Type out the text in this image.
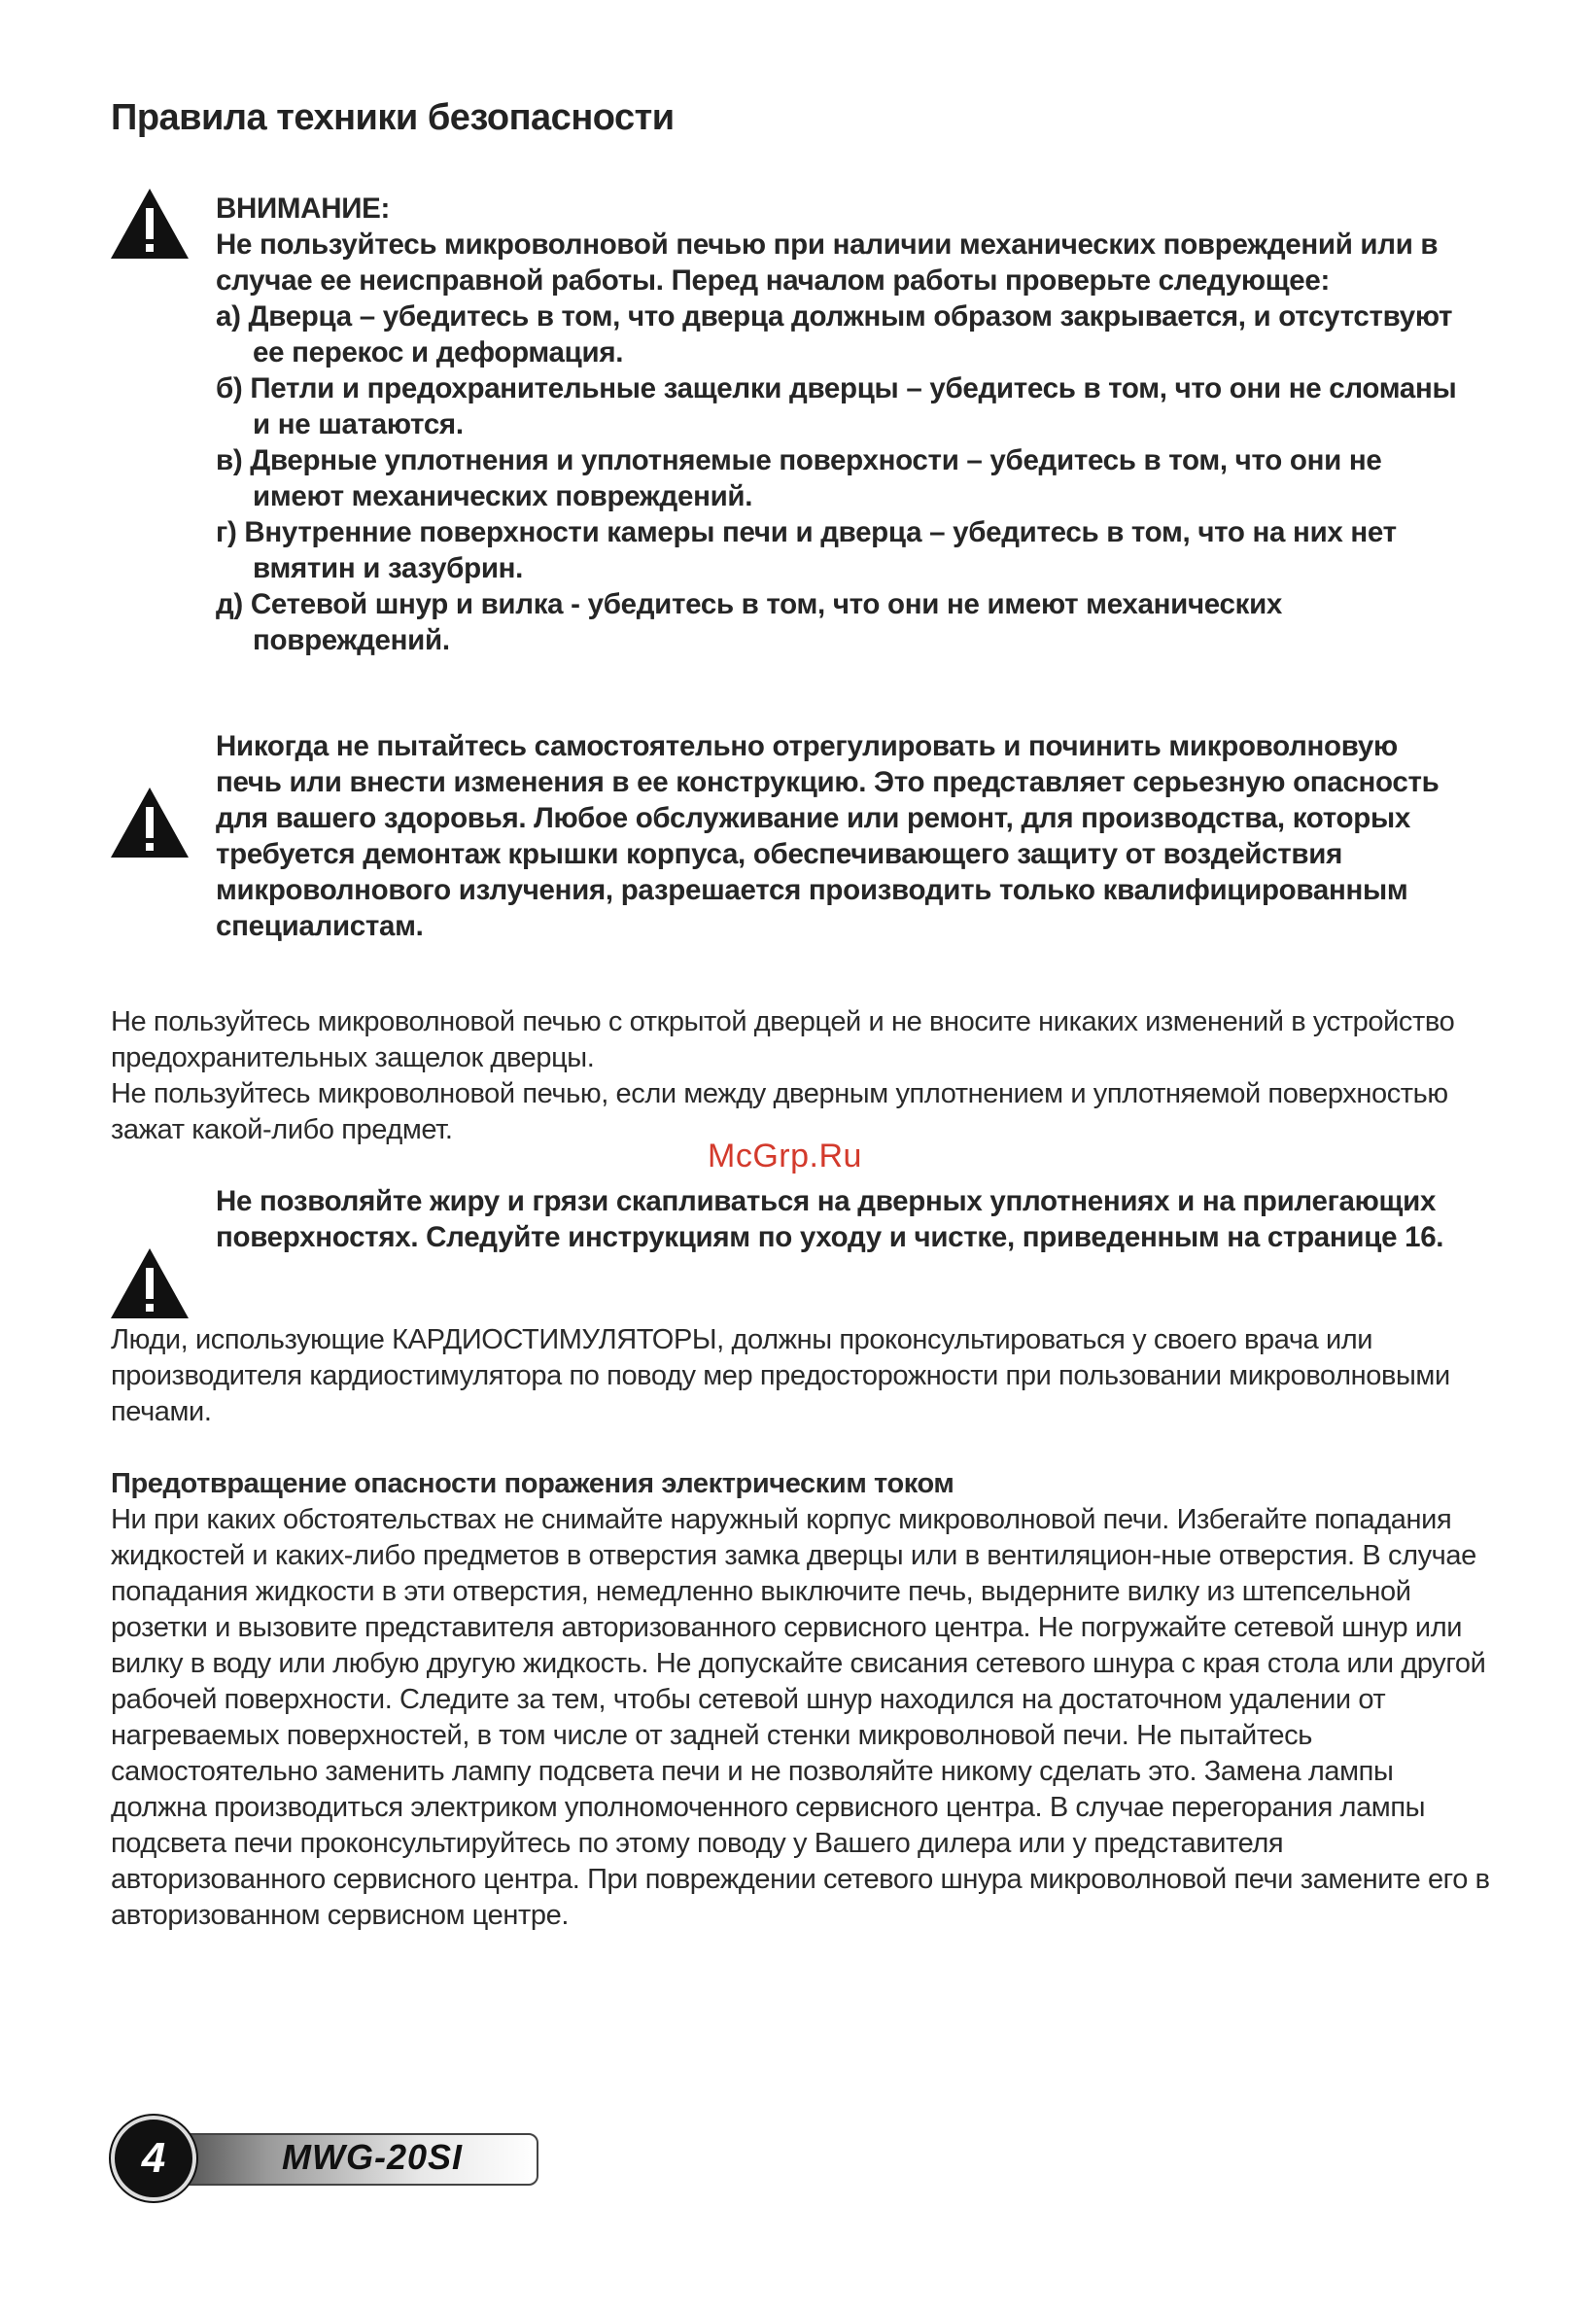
Правила техники безопасности

ВНИМАНИЕ:

Не пользуйтесь микроволновой печью при наличии механических повреждений или в случае ее неисправной работы. Перед началом работы проверьте следующее:

а) Дверца – убедитесь в том, что дверца должным образом закрывается, и отсутствуют ее перекос и деформация.

б) Петли и предохранительные защелки дверцы – убедитесь в том, что они не сломаны и не шатаются.

в) Дверные уплотнения и уплотняемые поверхности – убедитесь в том, что они не имеют механических повреждений.

г) Внутренние поверхности камеры печи и дверца – убедитесь в том, что на них нет вмятин и зазубрин.

д) Сетевой шнур и вилка - убедитесь в том, что они не имеют механических повреждений.

Никогда не пытайтесь самостоятельно отрегулировать и починить микроволновую печь или внести изменения в ее конструкцию. Это представляет серьезную опасность для вашего здоровья. Любое обслуживание или ремонт, для производства, которых требуется демонтаж крышки корпуса, обеспечивающего защиту от воздействия микроволнового излучения, разрешается производить только квалифицированным специалистам.

Не пользуйтесь микроволновой печью с открытой дверцей и не вносите никаких изменений в устройство предохранительных защелок дверцы.

Не пользуйтесь микроволновой печью, если между дверным уплотнением и уплотняемой поверхностью зажат какой-либо предмет.

McGrp.Ru

Не позволяйте жиру и грязи скапливаться на дверных уплотнениях и на прилегающих поверхностях. Следуйте инструкциям по уходу и чистке, приведенным на странице 16.

Люди, использующие КАРДИОСТИМУЛЯТОРЫ, должны проконсультироваться у своего врача или производителя кардиостимулятора по поводу мер предосторожности при пользовании микроволновыми печами.

Предотвращение опасности поражения электрическим током

Ни при каких обстоятельствах не снимайте наружный корпус микроволновой печи. Избегайте попадания жидкостей и каких-либо предметов в отверстия замка дверцы или в вентиляцион-ные отверстия. В случае попадания жидкости в эти отверстия, немедленно выключите печь, выдерните вилку из штепсельной розетки и вызовите представителя авторизованного сервисного центра. Не погружайте сетевой шнур или вилку в воду или любую другую жидкость. Не допускайте свисания сетевого шнура с края стола или другой рабочей поверхности. Следите за тем, чтобы сетевой шнур находился на достаточном удалении от нагреваемых поверхностей, в том числе от задней стенки микроволновой печи. Не пытайтесь самостоятельно заменить лампу подсвета печи и не позволяйте никому сделать это. Замена лампы должна производиться электриком уполномоченного сервисного центра. В случае перегорания лампы подсвета печи проконсультируйтесь по этому поводу у Вашего дилера или у представителя авторизованного сервисного центра. При повреждении сетевого шнура микроволновой печи замените его в авторизованном сервисном центре.

4	MWG-20SI
